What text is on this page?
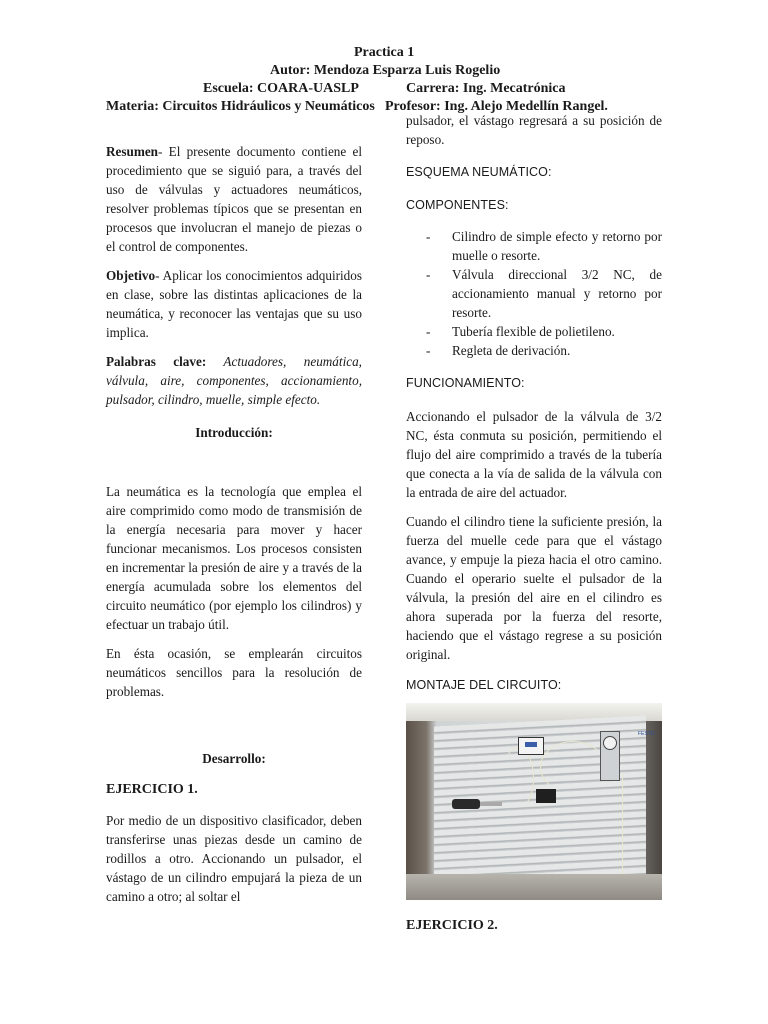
Practica 1
Autor: Mendoza Esparza Luis Rogelio
Escuela: COARA-UASLP	Carrera: Ing. Mecatrónica
Materia: Circuitos Hidráulicos y Neumáticos Profesor: Ing. Alejo Medellín Rangel.

Resumen- El presente documento contiene el procedimiento que se siguió para, a través del uso de válvulas y actuadores neumáticos, resolver problemas típicos que se presentan en procesos que involucran el manejo de piezas o el control de componentes.

Objetivo- Aplicar los conocimientos adquiridos en clase, sobre las distintas aplicaciones de la neumática, y reconocer las ventajas que su uso implica.

Palabras clave: Actuadores, neumática, válvula, aire, componentes, accionamiento, pulsador, cilindro, muelle, simple efecto.

Introducción:

La neumática es la tecnología que emplea el aire comprimido como modo de transmisión de la energía necesaria para mover y hacer funcionar mecanismos. Los procesos consisten en incrementar la presión de aire y a través de la energía acumulada sobre los elementos del circuito neumático (por ejemplo los cilindros) y efectuar un trabajo útil.

En ésta ocasión, se emplearán circuitos neumáticos sencillos para la resolución de problemas.

Desarrollo:

EJERCICIO 1.

Por medio de un dispositivo clasificador, deben transferirse unas piezas desde un camino de rodillos a otro. Accionando un pulsador, el vástago de un cilindro empujará la pieza de un camino a otro; al soltar el

pulsador, el vástago regresará a su posición de reposo.

ESQUEMA NEUMÁTICO:

COMPONENTES:

- Cilindro de simple efecto y retorno por muelle o resorte.
- Válvula direccional 3/2 NC, de accionamiento manual y retorno por resorte.
- Tubería flexible de polietileno.
- Regleta de derivación.

FUNCIONAMIENTO:

Accionando el pulsador de la válvula de 3/2 NC, ésta conmuta su posición, permitiendo el flujo del aire comprimido a través de la tubería que conecta a la vía de salida de la válvula con la entrada de aire del actuador.

Cuando el cilindro tiene la suficiente presión, la fuerza del muelle cede para que el vástago avance, y empuje la pieza hacia el otro camino. Cuando el operario suelte el pulsador de la válvula, la presión del aire en el cilindro es ahora superada por la fuerza del resorte, haciendo que el vástago regrese a su posición original.

MONTAJE DEL CIRCUITO:

FESTO

EJERCICIO 2.
